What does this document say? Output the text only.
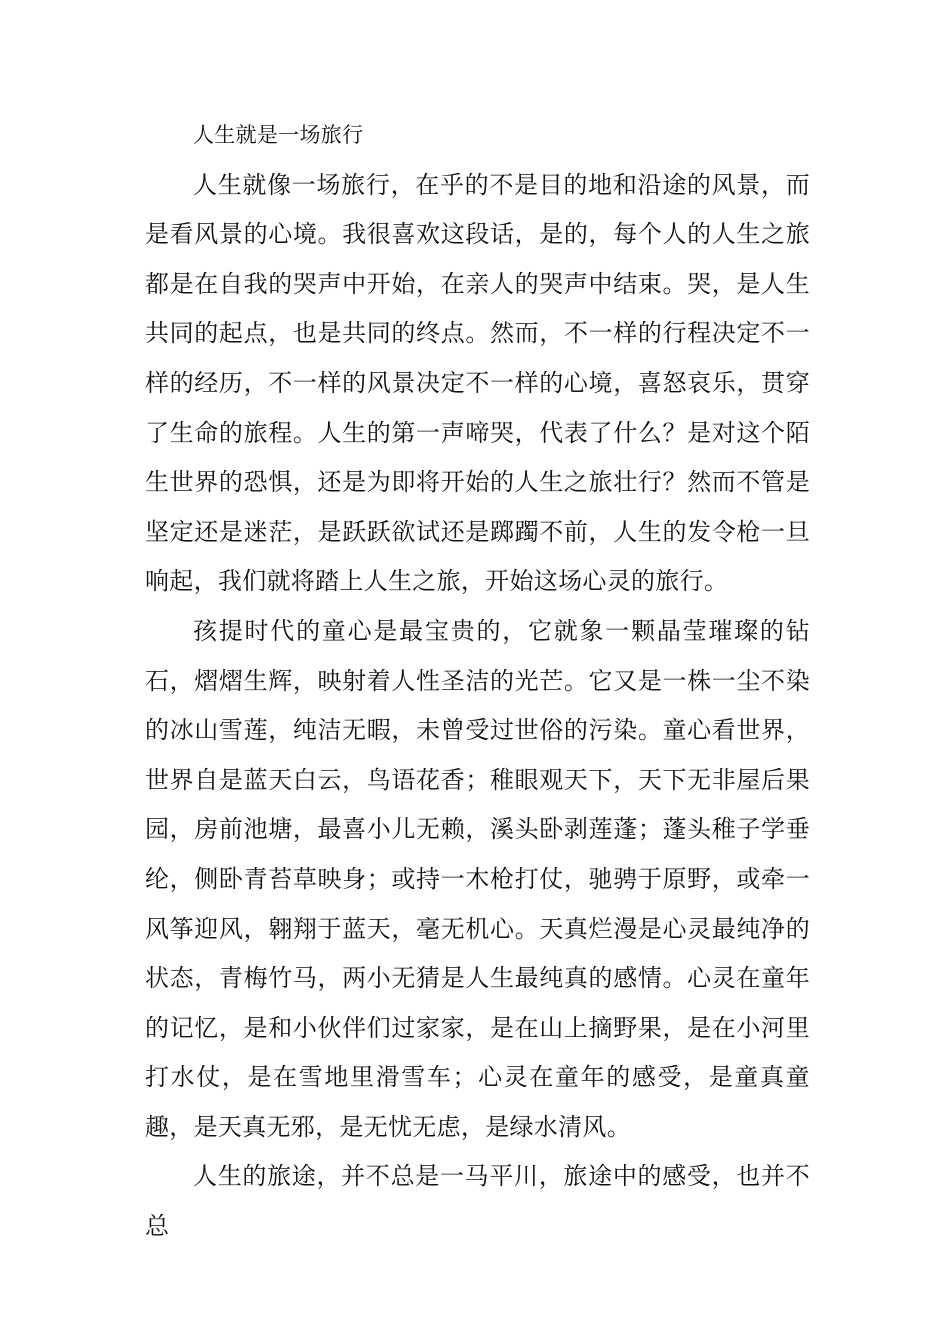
人生就是一场旅行

人生就像一场旅行，在乎的不是目的地和沿途的风景，而是看风景的心境。我很喜欢这段话，是的，每个人的人生之旅都是在自我的哭声中开始，在亲人的哭声中结束。哭，是人生共同的起点，也是共同的终点。然而，不一样的行程决定不一样的经历，不一样的风景决定不一样的心境，喜怒哀乐，贯穿了生命的旅程。人生的第一声啼哭，代表了什么？是对这个陌生世界的恐惧，还是为即将开始的人生之旅壮行？然而不管是坚定还是迷茫，是跃跃欲试还是踯躅不前，人生的发令枪一旦响起，我们就将踏上人生之旅，开始这场心灵的旅行。

孩提时代的童心是最宝贵的，它就象一颗晶莹璀璨的钻石，熠熠生辉，映射着人性圣洁的光芒。它又是一株一尘不染的冰山雪莲，纯洁无暇，未曾受过世俗的污染。童心看世界，世界自是蓝天白云，鸟语花香；稚眼观天下，天下无非屋后果园，房前池塘，最喜小儿无赖，溪头卧剥莲蓬；蓬头稚子学垂纶，侧卧青苔草映身；或持一木枪打仗，驰骋于原野，或牵一风筝迎风，翱翔于蓝天，毫无机心。天真烂漫是心灵最纯净的状态，青梅竹马，两小无猜是人生最纯真的感情。心灵在童年的记忆，是和小伙伴们过家家，是在山上摘野果，是在小河里打水仗，是在雪地里滑雪车；心灵在童年的感受，是童真童趣，是天真无邪，是无忧无虑，是绿水清风。

人生的旅途，并不总是一马平川，旅途中的感受，也并不总
